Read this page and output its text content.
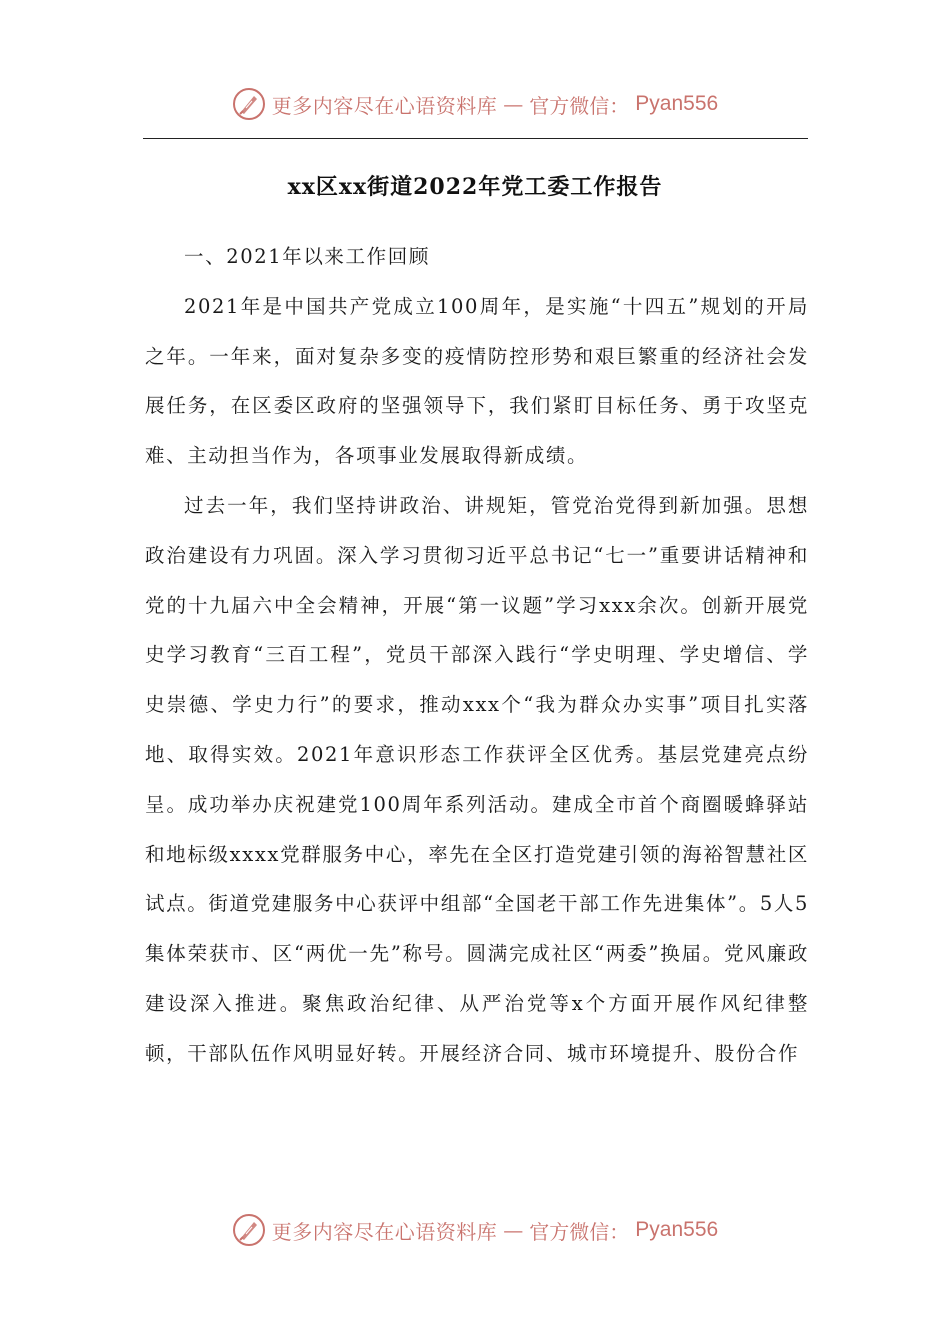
更多内容尽在心语资料库 — 官方微信： Pyan556
xx区xx街道2022年党工委工作报告

一、2021年以来工作回顾

2021年是中国共产党成立100周年，是实施“十四五”规划的开局之年。一年来，面对复杂多变的疫情防控形势和艰巨繁重的经济社会发展任务，在区委区政府的坚强领导下，我们紧盯目标任务、勇于攻坚克难、主动担当作为，各项事业发展取得新成绩。

过去一年，我们坚持讲政治、讲规矩，管党治党得到新加强。思想政治建设有力巩固。深入学习贯彻习近平总书记“七一”重要讲话精神和党的十九届六中全会精神，开展“第一议题”学习xxx余次。创新开展党史学习教育“三百工程”，党员干部深入践行“学史明理、学史增信、学史崇德、学史力行”的要求，推动xxx个“我为群众办实事”项目扎实落地、取得实效。2021年意识形态工作获评全区优秀。基层党建亮点纷呈。成功举办庆祝建党100周年系列活动。建成全市首个商圈暖蜂驿站和地标级xxxx党群服务中心，率先在全区打造党建引领的海裕智慧社区试点。街道党建服务中心获评中组部“全国老干部工作先进集体”。5人5集体荣获市、区“两优一先”称号。圆满完成社区“两委”换届。党风廉政建设深入推进。聚焦政治纪律、从严治党等x个方面开展作风纪律整顿，干部队伍作风明显好转。开展经济合同、城市环境提升、股份合作

更多内容尽在心语资料库 — 官方微信： Pyan556
